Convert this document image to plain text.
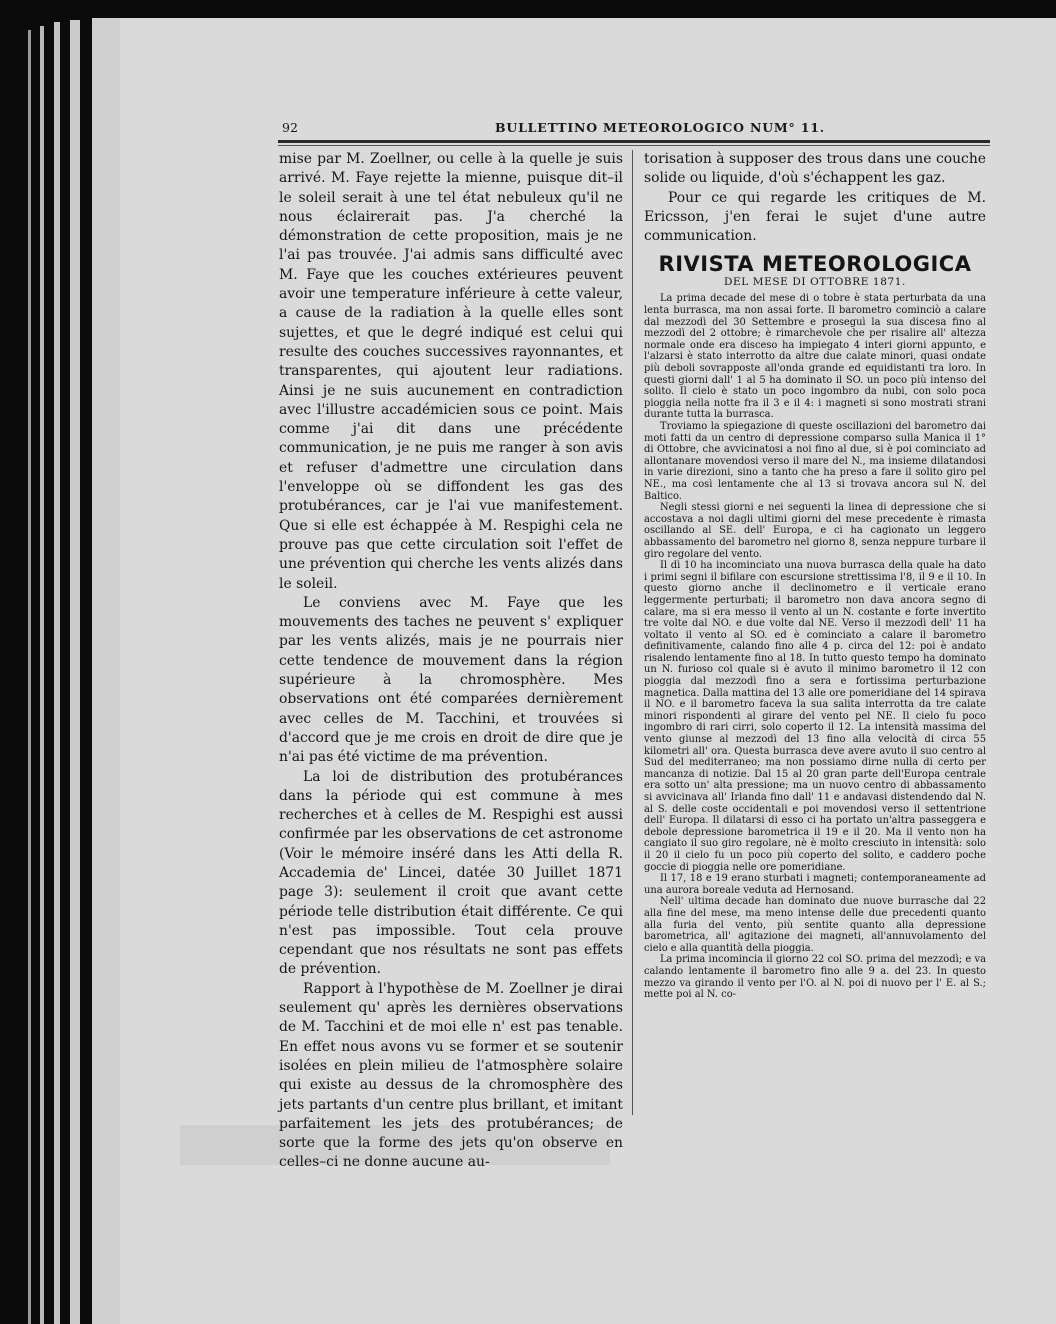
92	BULLETTINO METEOROLOGICO NUM° 11.

mise par M. Zoellner, ou celle à la quelle je suis arrivé. M. Faye rejette la mienne, puisque dit–il le soleil serait à une tel état nebuleux qu'il ne nous éclairerait pas. J'a cherché la démonstration de cette proposition, mais je ne l'ai pas trouvée. J'ai admis sans difficulté avec M. Faye que les couches extérieures peuvent avoir une temperature inférieure à cette valeur, a cause de la radiation à la quelle elles sont sujettes, et que le degré indiqué est celui qui resulte des couches successives rayonnantes, et transparentes, qui ajoutent leur radiations. Ainsi je ne suis aucunement en contradiction avec l'illustre accadémicien sous ce point. Mais comme j'ai dit dans une précédente communication, je ne puis me ranger à son avis et refuser d'admettre une circulation dans l'enveloppe où se diffondent les gas des protubérances, car je l'ai vue manifestement. Que si elle est échappée à M. Respighi cela ne prouve pas que cette circulation soit l'effet de une prévention qui cherche les vents alizés dans le soleil.

Le conviens avec M. Faye que les mouvements des taches ne peuvent s' expliquer par les vents alizés, mais je ne pourrais nier cette tendence de mouvement dans la région supérieure à la chromosphère. Mes observations ont été comparées dernièrement avec celles de M. Tacchini, et trouvées si d'accord que je me crois en droit de dire que je n'ai pas été victime de ma prévention.

La loi de distribution des protubérances dans la période qui est commune à mes recherches et à celles de M. Respighi est aussi confirmée par les observations de cet astronome (Voir le mémoire inséré dans les Atti della R. Accademia de' Lincei, datée 30 Juillet 1871 page 3): seulement il croit que avant cette période telle distribution était différente. Ce qui n'est pas impossible. Tout cela prouve cependant que nos résultats ne sont pas effets de prévention.

Rapport à l'hypothèse de M. Zoellner je dirai seulement qu' après les dernières observations de M. Tacchini et de moi elle n' est pas tenable. En effet nous avons vu se former et se soutenir isolées en plein milieu de l'atmosphère solaire qui existe au dessus de la chromosphère des jets partants d'un centre plus brillant, et imitant parfaitement les jets des protubérances; de sorte que la forme des jets qu'on observe en celles–ci ne donne aucune au-

torisation à supposer des trous dans une couche solide ou liquide, d'où s'échappent les gaz.

Pour ce qui regarde les critiques de M. Ericsson, j'en ferai le sujet d'une autre communication.

RIVISTA METEOROLOGICA
DEL MESE DI OTTOBRE 1871.

La prima decade del mese di o tobre è stata perturbata da una lenta burrasca, ma non assai forte. Il barometro cominciò a calare dal mezzodì del 30 Settembre e proseguì la sua discesa fino al mezzodì del 2 ottobre; è rimarchevole che per risalire all' altezza normale onde era disceso ha impiegato 4 interi giorni appunto, e l'alzarsi è stato interrotto da altre due calate minori, quasi ondate più deboli sovrapposte all'onda grande ed equidistanti tra loro. In questi giorni dall' 1 al 5 ha dominato il SO. un poco più intenso del solito. Il cielo è stato un poco ingombro da nubi, con solo poca pioggia nella notte fra il 3 e il 4: i magneti si sono mostrati strani durante tutta la burrasca.

Troviamo la spiegazione di queste oscillazioni del barometro dai moti fatti da un centro di depressione comparso sulla Manica il 1° di Ottobre, che avvicinatosi a noi fino al due, si è poi cominciato ad allontanare movendosi verso il mare del N., ma insieme dilatandosi in varie direzioni, sino a tanto che ha preso a fare il solito giro pel NE., ma così lentamente che al 13 si trovava ancora sul N. del Baltico.

Negli stessi giorni e nei seguenti la linea di depressione che si accostava a noi dagli ultimi giorni del mese precedente è rimasta oscillando al SE. dell' Europa, e ci ha cagionato un leggero abbassamento del barometro nel giorno 8, senza neppure turbare il giro regolare del vento.

Il dì 10 ha incominciato una nuova burrasca della quale ha dato i primi segni il bifilare con escursione strettissima l'8, il 9 e il 10. In questo giorno anche il declinometro e il verticale erano leggermente perturbati; il barometro non dava ancora segno di calare, ma si era messo il vento al un N. costante e forte invertito tre volte dal NO. e due volte dal NE. Verso il mezzodì dell' 11 ha voltato il vento al SO. ed è cominciato a calare il barometro definitivamente, calando fino alle 4 p. circa del 12: poi è andato risalendo lentamente fino al 18. In tutto questo tempo ha dominato un N. furioso col quale si è avuto il minimo barometro il 12 con pioggia dal mezzodì fino a sera e fortissima perturbazione magnetica. Dalla mattina del 13 alle ore pomeridiane del 14 spirava il NO. e il barometro faceva la sua salita interrotta da tre calate minori rispondenti al girare del vento pel NE. Il cielo fu poco ingombro di rari cirri, solo coperto il 12. La intensità massima del vento giunse al mezzodì del 13 fino alla velocità di circa 55 kilometri all' ora. Questa burrasca deve avere avuto il suo centro al Sud del mediterraneo; ma non possiamo dirne nulla di certo per mancanza di notizie. Dal 15 al 20 gran parte dell'Europa centrale era sotto un' alta pressione; ma un nuovo centro di abbassamento si avvicinava all' Irlanda fino dall' 11 e andavasi distendendo dal N. al S. delle coste occidentali e poi movendosi verso il settentrione dell' Europa. Il dilatarsi di esso ci ha portato un'altra passeggera e debole depressione barometrica il 19 e il 20. Ma il vento non ha cangiato il suo giro regolare, nè è molto cresciuto in intensità: solo il 20 il cielo fu un poco più coperto del solito, e caddero poche goccie di pioggia nelle ore pomeridiane.

Il 17, 18 e 19 erano sturbati i magneti; contemporaneamente ad una aurora boreale veduta ad Hernosand.

Nell' ultima decade han dominato due nuove burrasche dal 22 alla fine del mese, ma meno intense delle due precedenti quanto alla furia del vento, più sentite quanto alla depressione barometrica, all' agitazione dei magneti, all'annuvolamento del cielo e alla quantità della pioggia.

La prima incomincia il giorno 22 col SO. prima del mezzodì; e va calando lentamente il barometro fino alle 9 a. del 23. In questo mezzo va girando il vento per l'O. al N. poi di nuovo per l' E. al S.; mette poi al N. co-
